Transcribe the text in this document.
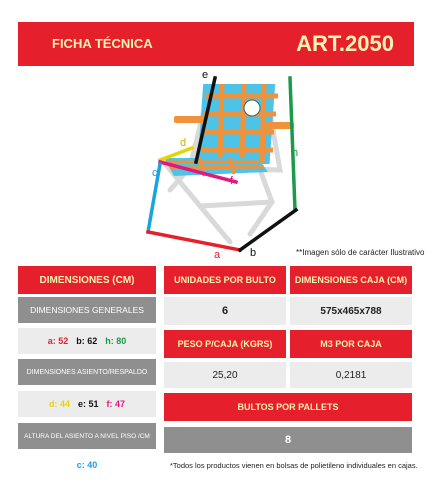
FICHA TÉCNICA	ART.2050
e
h
d
f
c
a	b	**Imagen sólo de carácter Ilustrativo
DIMENSIONES (CM)
DIMENSIONES GENERALES
a: 52 b: 62 h: 80
DIMENSIONES ASIENTO/RESPALDO
d: 44 e: 51 f: 47
ALTURA DEL ASIENTO A NIVEL PISO /CM
c: 40
UNIDADES POR BULTO	DIMENSIONES CAJA (CM)
6	575x465x788
PESO P/CAJA (KGRS)	M3 POR CAJA
25,20	0,2181
BULTOS POR PALLETS
8
*Todos los productos vienen en bolsas de polietileno individuales en cajas.
